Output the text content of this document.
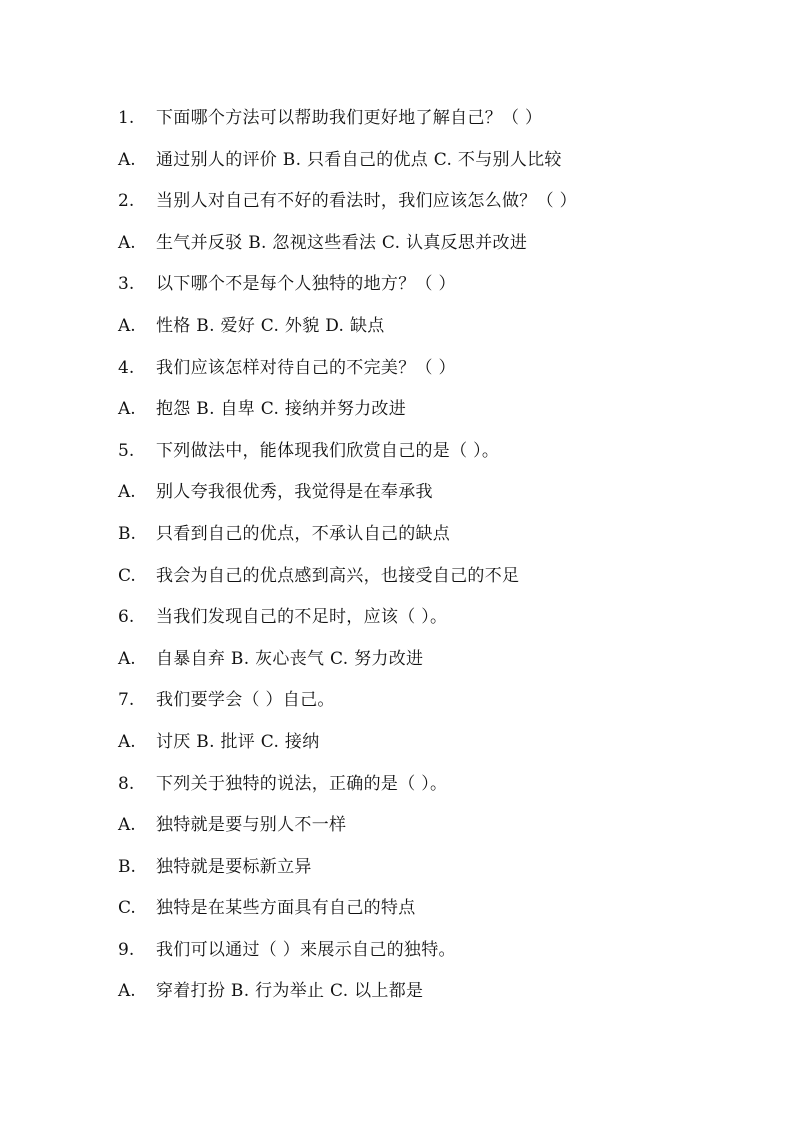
1.	下面哪个方法可以帮助我们更好地了解自己？（ ）
A.	通过别人的评价 B. 只看自己的优点 C. 不与别人比较
2.	当别人对自己有不好的看法时，我们应该怎么做？（ ）
A.	生气并反驳 B. 忽视这些看法 C. 认真反思并改进
3.	以下哪个不是每个人独特的地方？（ ）
A.	性格 B. 爱好 C. 外貌 D. 缺点
4.	我们应该怎样对待自己的不完美？（ ）
A.	抱怨 B. 自卑 C. 接纳并努力改进
5.	下列做法中，能体现我们欣赏自己的是（ ）。
A.	别人夸我很优秀，我觉得是在奉承我
B.	只看到自己的优点，不承认自己的缺点
C.	我会为自己的优点感到高兴，也接受自己的不足
6.	当我们发现自己的不足时，应该（ ）。
A.	自暴自弃 B. 灰心丧气 C. 努力改进
7.	我们要学会（ ）自己。
A.	讨厌 B. 批评 C. 接纳
8.	下列关于独特的说法，正确的是（ ）。
A.	独特就是要与别人不一样
B.	独特就是要标新立异
C.	独特是在某些方面具有自己的特点
9.	我们可以通过（ ）来展示自己的独特。
A.	穿着打扮 B. 行为举止 C. 以上都是
